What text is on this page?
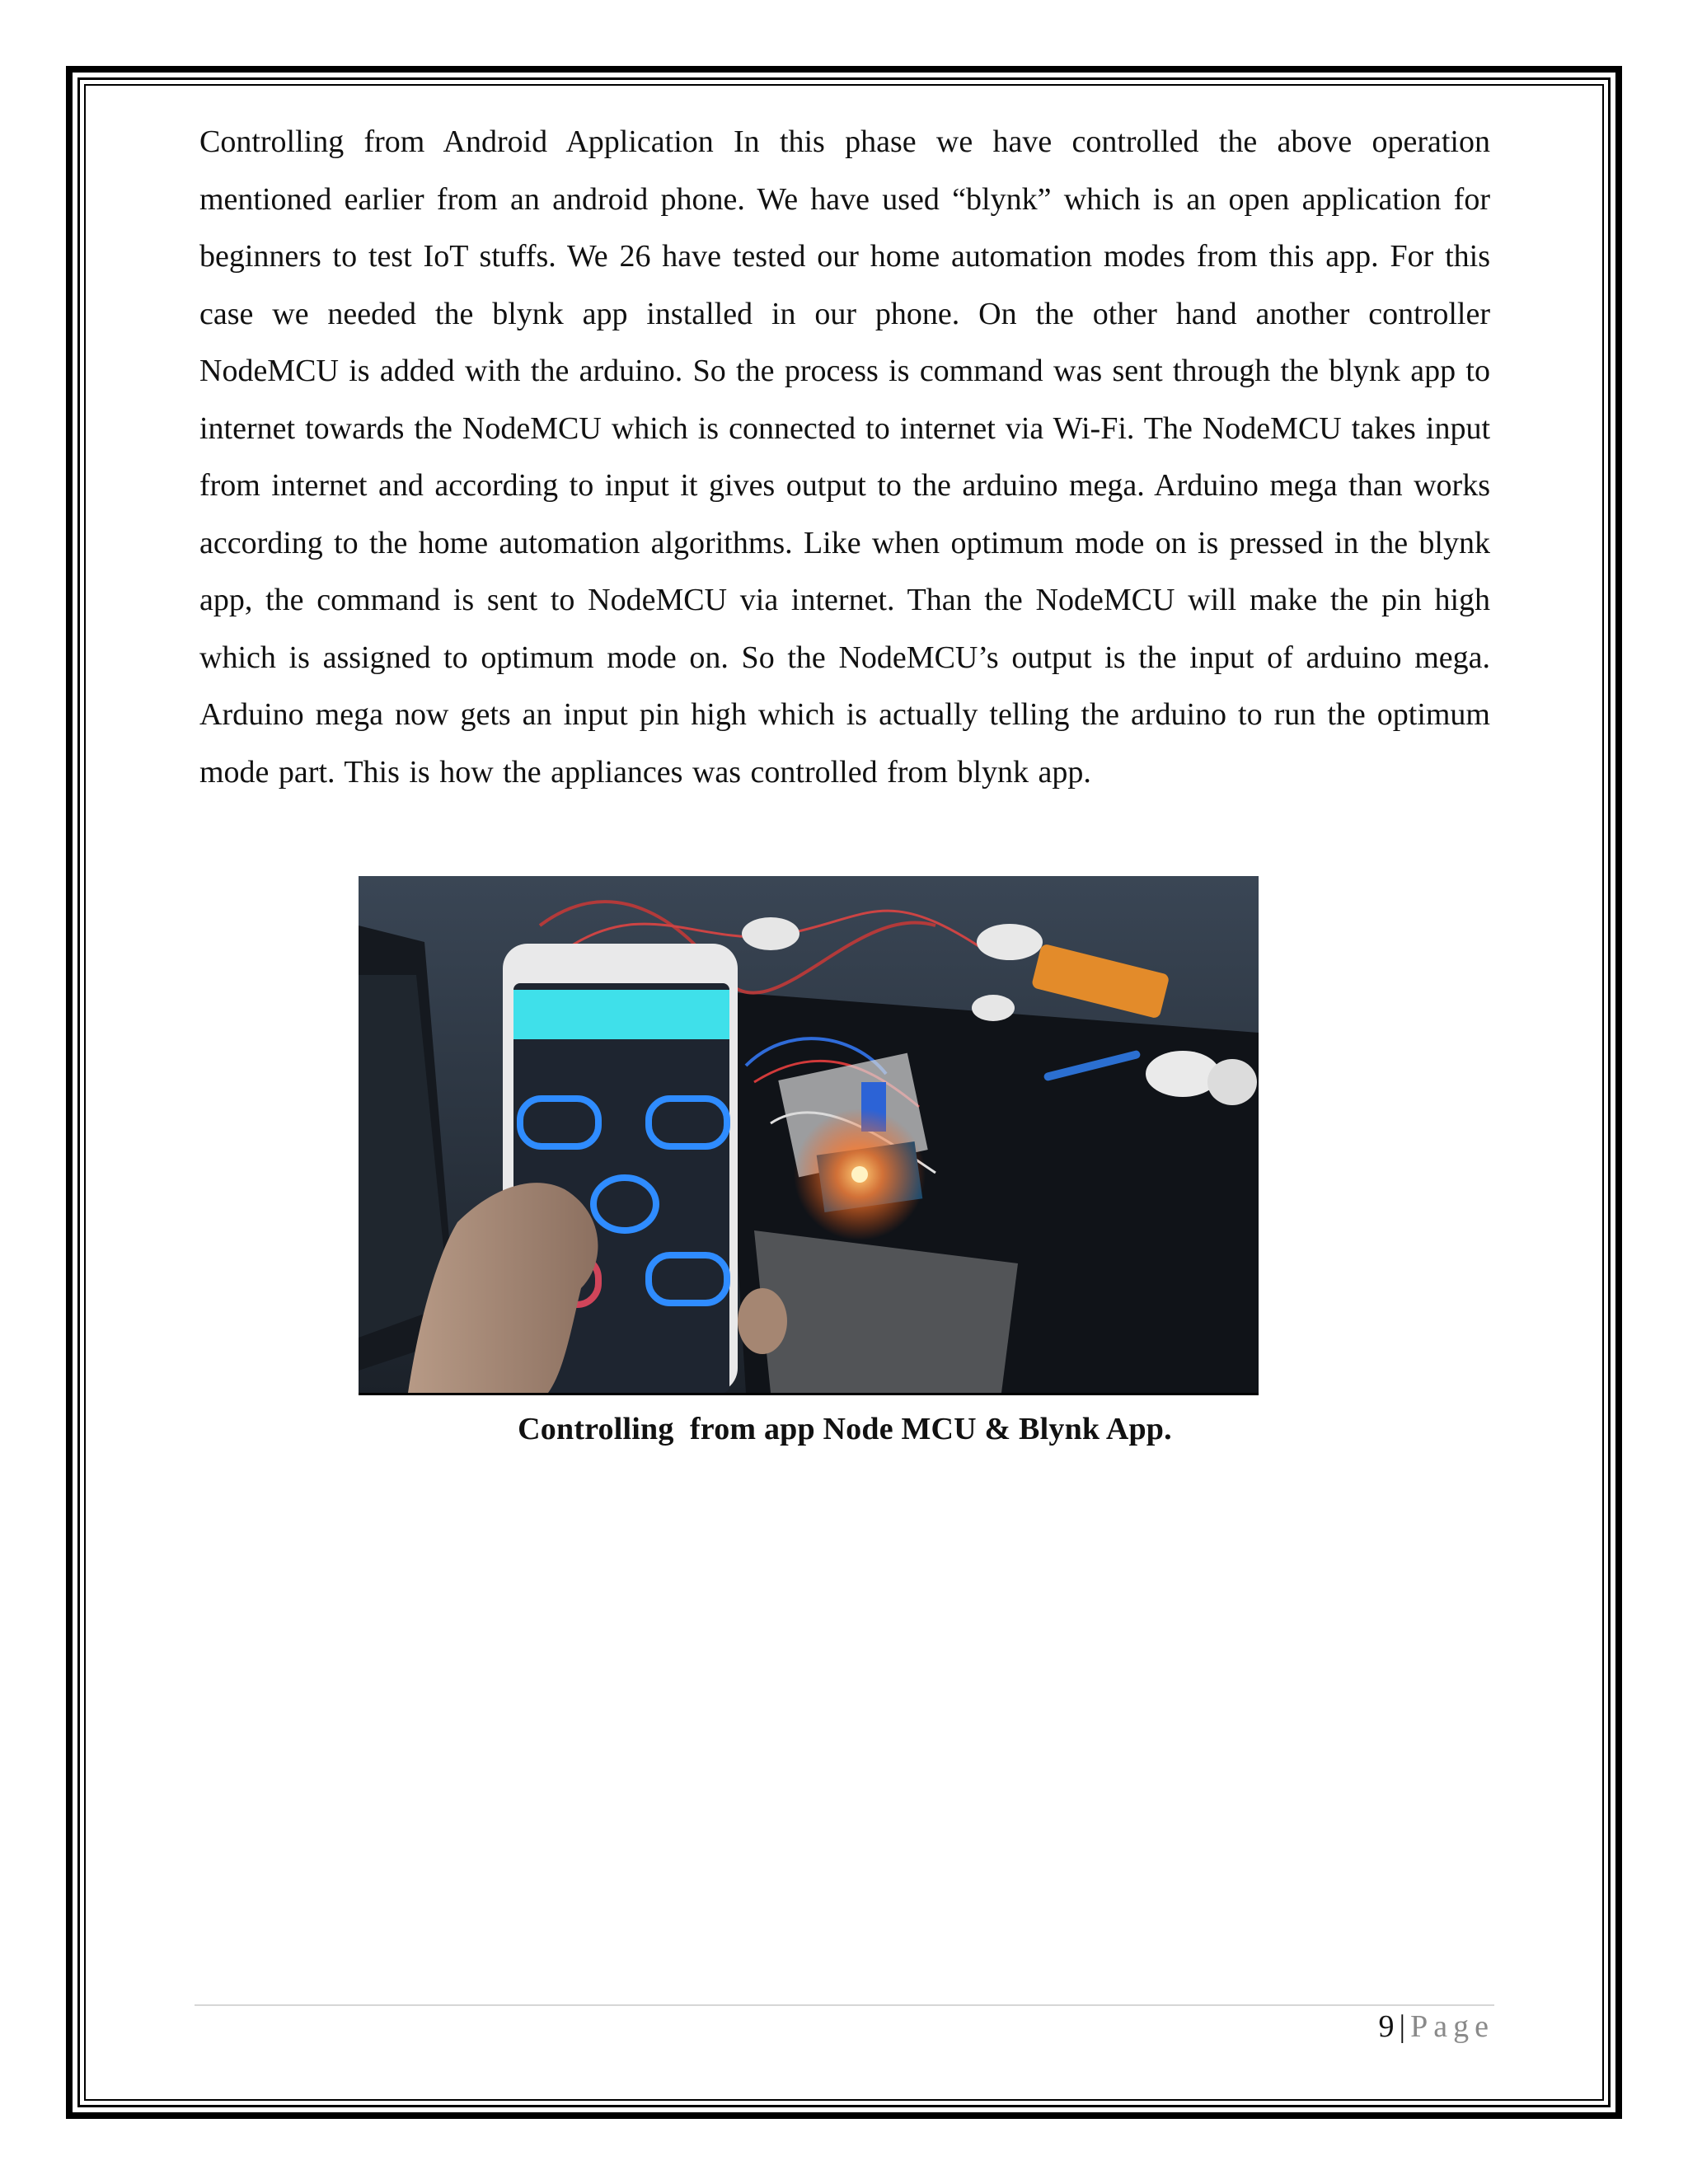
Controlling from Android Application In this phase we have controlled the above operation mentioned earlier from an android phone. We have used “blynk” which is an open application for beginners to test IoT stuffs. We 26 have tested our home automation modes from this app. For this case we needed the blynk app installed in our phone. On the other hand another controller NodeMCU is added with the arduino. So the process is command was sent through the blynk app to internet towards the NodeMCU which is connected to internet via Wi-Fi. The NodeMCU takes input from internet and according to input it gives output to the arduino mega. Arduino mega than works according to the home automation algorithms. Like when optimum mode on is pressed in the blynk app, the command is sent to NodeMCU via internet. Than the NodeMCU will make the pin high which is assigned to optimum mode on. So the NodeMCU’s output is the input of arduino mega. Arduino mega now gets an input pin high which is actually telling the arduino to run the optimum mode part. This is how the appliances was controlled from blynk app.

Controlling  from app Node MCU & Blynk App.
9 | Page
